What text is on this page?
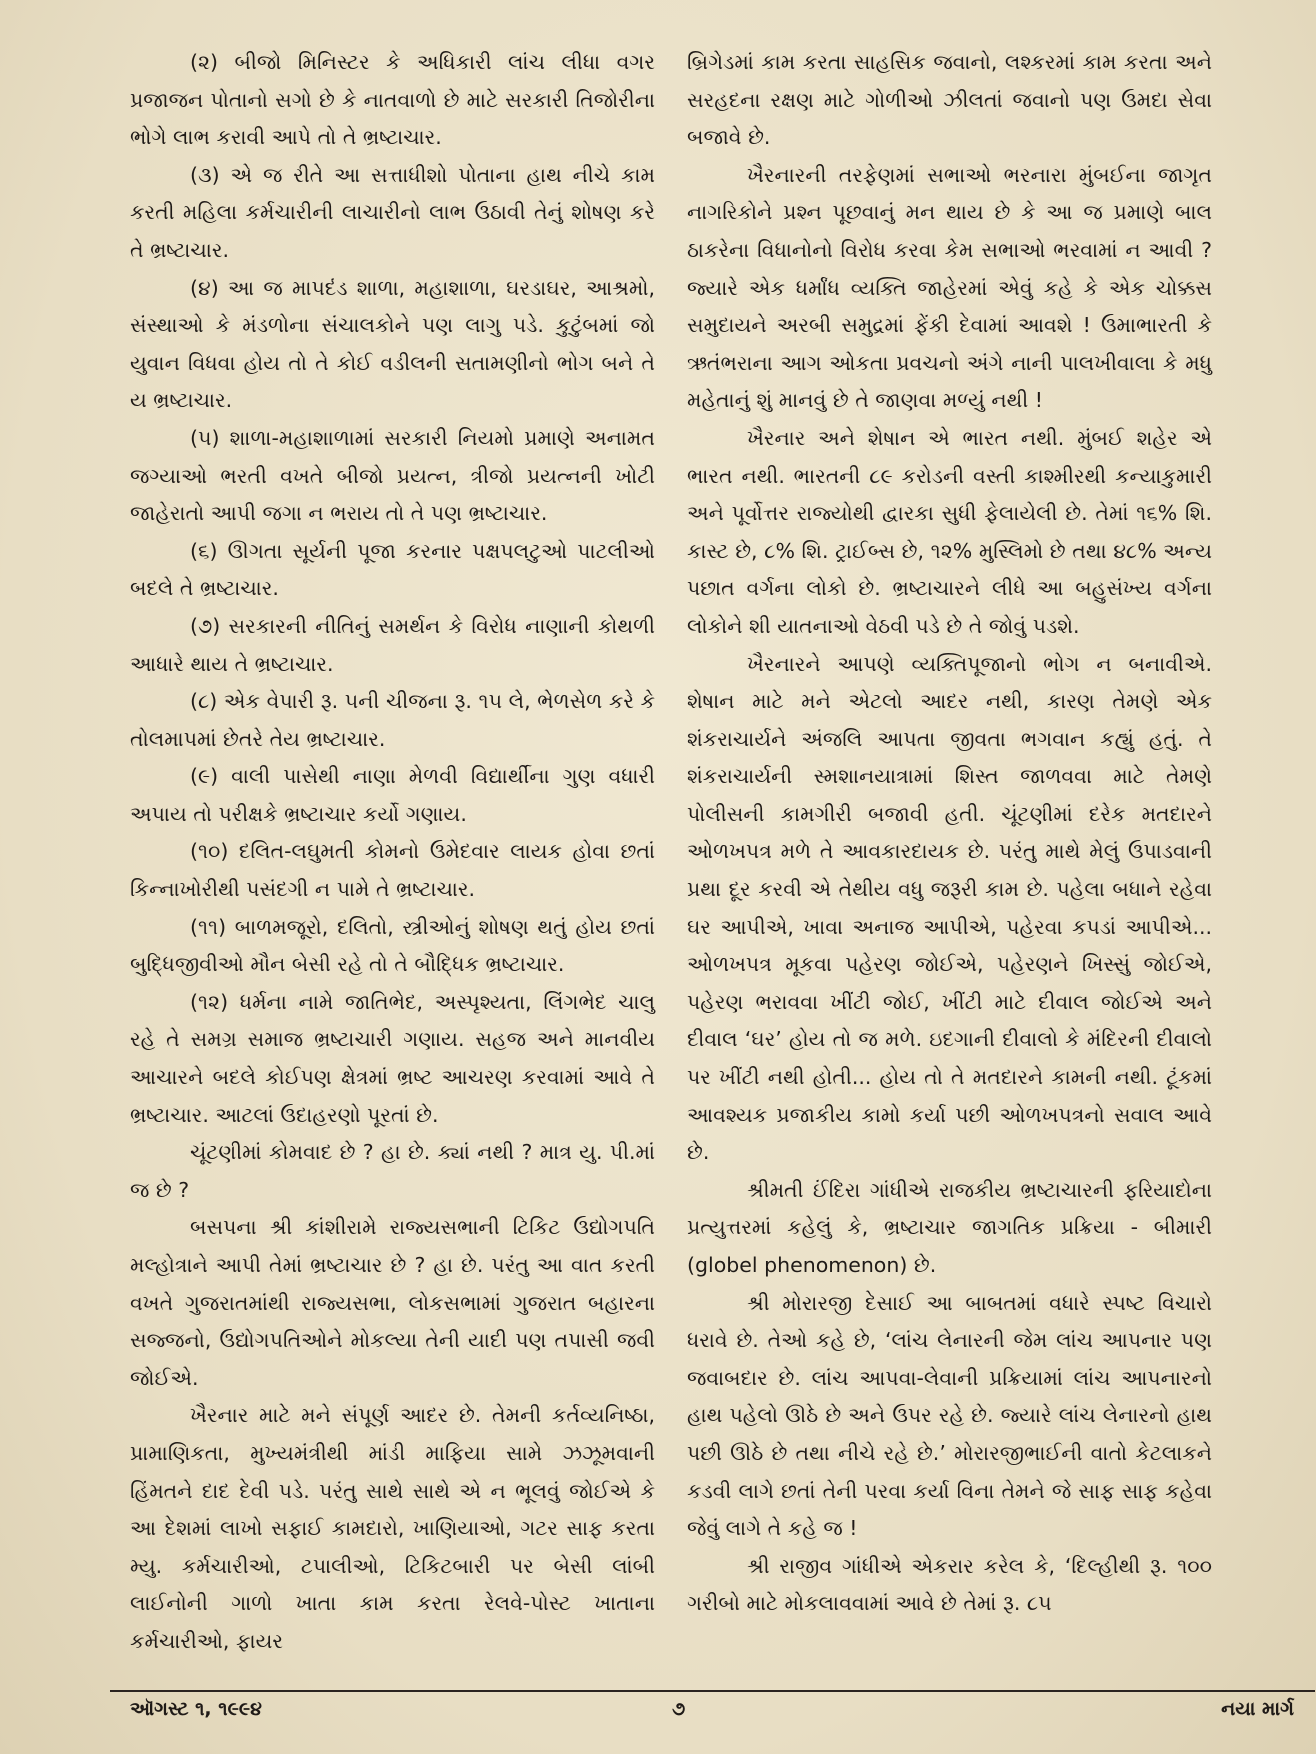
(૨) બીજો મિનિસ્ટર કે અધિકારી લાંચ લીધા વગર પ્રજાજન પોતાનો સગો છે કે નાતવાળો છે માટે સરકારી તિજોરીના ભોગે લાભ કરાવી આપે તો તે ભ્રષ્ટાચાર.

(૩) એ જ રીતે આ સત્તાધીશો પોતાના હાથ નીચે કામ કરતી મહિલા કર્મચારીની લાચારીનો લાભ ઉઠાવી તેનું શોષણ કરે તે ભ્રષ્ટાચાર.

(૪) આ જ માપદંડ શાળા, મહાશાળા, ઘરડાઘર, આશ્રમો, સંસ્થાઓ કે મંડળોના સંચાલકોને પણ લાગુ પડે. કુટુંબમાં જો યુવાન વિધવા હોય તો તે કોઈ વડીલની સતામણીનો ભોગ બને તે ય ભ્રષ્ટાચાર.

(૫) શાળા-મહાશાળામાં સરકારી નિયમો પ્રમાણે અનામત જગ્યાઓ ભરતી વખતે બીજો પ્રયત્ન, ત્રીજો પ્રયત્નની ખોટી જાહેરાતો આપી જગા ન ભરાય તો તે પણ ભ્રષ્ટાચાર.

(૬) ઊગતા સૂર્યની પૂજા કરનાર પક્ષપલટુઓ પાટલીઓ બદલે તે ભ્રષ્ટાચાર.

(૭) સરકારની નીતિનું સમર્થન કે વિરોધ નાણાની કોથળી આધારે થાય તે ભ્રષ્ટાચાર.

(૮) એક વેપારી રૂ. ૫ની ચીજના રૂ. ૧૫ લે, ભેળસેળ કરે કે તોલમાપમાં છેતરે તેય ભ્રષ્ટાચાર.

(૯) વાલી પાસેથી નાણા મેળવી વિદ્યાર્થીના ગુણ વધારી અપાય તો પરીક્ષકે ભ્રષ્ટાચાર કર્યો ગણાય.

(૧૦) દલિત-લઘુમતી કોમનો ઉમેદવાર લાયક હોવા છતાં કિન્નાખોરીથી પસંદગી ન પામે તે ભ્રષ્ટાચાર.

(૧૧) બાળમજૂરો, દલિતો, સ્ત્રીઓનું શોષણ થતું હોય છતાં બુદ્ધિજીવીઓ મૌન બેસી રહે તો તે બૌદ્ધિક ભ્રષ્ટાચાર.

(૧૨) ધર્મના નામે જાતિભેદ, અસ્પૃશ્યતા, લિંગભેદ ચાલુ રહે તે સમગ્ર સમાજ ભ્રષ્ટાચારી ગણાય. સહજ અને માનવીય આચારને બદલે કોઈપણ ક્ષેત્રમાં ભ્રષ્ટ આચરણ કરવામાં આવે તે ભ્રષ્ટાચાર. આટલાં ઉદાહરણો પૂરતાં છે.

ચૂંટણીમાં કોમવાદ છે ? હા છે. ક્યાં નથી ? માત્ર યુ. પી.માં જ છે ?

બસપના શ્રી કાંશીરામે રાજ્યસભાની ટિકિટ ઉદ્યોગપતિ મલ્હોત્રાને આપી તેમાં ભ્રષ્ટાચાર છે ? હા છે. પરંતુ આ વાત કરતી વખતે ગુજરાતમાંથી રાજ્યસભા, લોકસભામાં ગુજરાત બહારના સજ્જનો, ઉદ્યોગપતિઓને મોકલ્યા તેની યાદી પણ તપાસી જવી જોઈએ.

ખૈરનાર માટે મને સંપૂર્ણ આદર છે. તેમની કર્તવ્યનિષ્ઠા, પ્રામાણિકતા, મુખ્યમંત્રીથી માંડી માફિયા સામે ઝઝૂમવાની હિંમતને દાદ દેવી પડે. પરંતુ સાથે સાથે એ ન ભૂલવું જોઈએ કે આ દેશમાં લાખો સફાઈ કામદારો, ખાણિયાઓ, ગટર સાફ કરતા મ્યુ. કર્મચારીઓ, ટપાલીઓ, ટિકિટબારી પર બેસી લાંબી લાઈનોની ગાળો ખાતા કામ કરતા રેલવે-પોસ્ટ ખાતાના કર્મચારીઓ, ફાયર

બ્રિગેડમાં કામ કરતા સાહસિક જવાનો, લશ્કરમાં કામ કરતા અને સરહદના રક્ષણ માટે ગોળીઓ ઝીલતાં જવાનો પણ ઉમદા સેવા બજાવે છે.

ખૈરનારની તરફેણમાં સભાઓ ભરનારા મુંબઈના જાગૃત નાગરિકોને પ્રશ્ન પૂછવાનું મન થાય છે કે આ જ પ્રમાણે બાલ ઠાકરેના વિધાનોનો વિરોધ કરવા કેમ સભાઓ ભરવામાં ન આવી ? જ્યારે એક ધર્માંધ વ્યક્તિ જાહેરમાં એવું કહે કે એક ચોક્કસ સમુદાયને અરબી સમુદ્રમાં ફેંકી દેવામાં આવશે ! ઉમાભારતી કે ઋતંભરાના આગ ઓકતા પ્રવચનો અંગે નાની પાલખીવાલા કે મધુ મહેતાનું શું માનવું છે તે જાણવા મળ્યું નથી !

ખૈરનાર અને શેષાન એ ભારત નથી. મુંબઈ શહેર એ ભારત નથી. ભારતની ૮૯ કરોડની વસ્તી કાશ્મીરથી કન્યાકુમારી અને પૂર્વોત્તર રાજ્યોથી દ્વારકા સુધી ફેલાયેલી છે. તેમાં ૧૬% શિ. કાસ્ટ છે, ૮% શિ. ટ્રાઈબ્સ છે, ૧૨% મુસ્લિમો છે તથા ૪૮% અન્ય પછાત વર્ગના લોકો છે. ભ્રષ્ટાચારને લીધે આ બહુસંખ્ય વર્ગના લોકોને શી યાતનાઓ વેઠવી પડે છે તે જોવું પડશે.

ખૈરનારને આપણે વ્યક્તિપૂજાનો ભોગ ન બનાવીએ. શેષાન માટે મને એટલો આદર નથી, કારણ તેમણે એક શંકરાચાર્યને અંજલિ આપતા જીવતા ભગવાન કહ્યું હતું. તે શંકરાચાર્યની સ્મશાનયાત્રામાં શિસ્ત જાળવવા માટે તેમણે પોલીસની કામગીરી બજાવી હતી. ચૂંટણીમાં દરેક મતદારને ઓળખપત્ર મળે તે આવકારદાયક છે. પરંતુ માથે મેલું ઉપાડવાની પ્રથા દૂર કરવી એ તેથીય વધુ જરૂરી કામ છે. પહેલા બધાને રહેવા ઘર આપીએ, ખાવા અનાજ આપીએ, પહેરવા કપડાં આપીએ... ઓળખપત્ર મૂકવા પહેરણ જોઈએ, પહેરણને ખિસ્સું જોઈએ, પહેરણ ભરાવવા ખીંટી જોઈ, ખીંટી માટે દીવાલ જોઈએ અને દીવાલ ‘ઘર’ હોય તો જ મળે. ઇદગાની દીવાલો કે મંદિરની દીવાલો પર ખીંટી નથી હોતી... હોય તો તે મતદારને કામની નથી. ટૂંકમાં આવશ્યક પ્રજાકીય કામો કર્યા પછી ઓળખપત્રનો સવાલ આવે છે.

શ્રીમતી ઈંદિરા ગાંધીએ રાજકીય ભ્રષ્ટાચારની ફરિયાદોના પ્રત્યુત્તરમાં કહેલું કે, ભ્રષ્ટાચાર જાગતિક પ્રક્રિયા - બીમારી (globel phenomenon) છે.

શ્રી મોરારજી દેસાઈ આ બાબતમાં વધારે સ્પષ્ટ વિચારો ધરાવે છે. તેઓ કહે છે, ‘લાંચ લેનારની જેમ લાંચ આપનાર પણ જવાબદાર છે. લાંચ આપવા-લેવાની પ્રક્રિયામાં લાંચ આપનારનો હાથ પહેલો ઊઠે છે અને ઉપર રહે છે. જ્યારે લાંચ લેનારનો હાથ પછી ઊઠે છે તથા નીચે રહે છે.’ મોરારજીભાઈની વાતો કેટલાકને કડવી લાગે છતાં તેની પરવા કર્યા વિના તેમને જે સાફ સાફ કહેવા જેવું લાગે તે કહે જ !

શ્રી રાજીવ ગાંધીએ એકરાર કરેલ કે, ‘દિલ્હીથી રૂ. ૧૦૦ ગરીબો માટે મોકલાવવામાં આવે છે તેમાં રૂ. ૮૫

ઑગસ્ટ ૧, ૧૯૯૪	૭	નયા માર્ગ
